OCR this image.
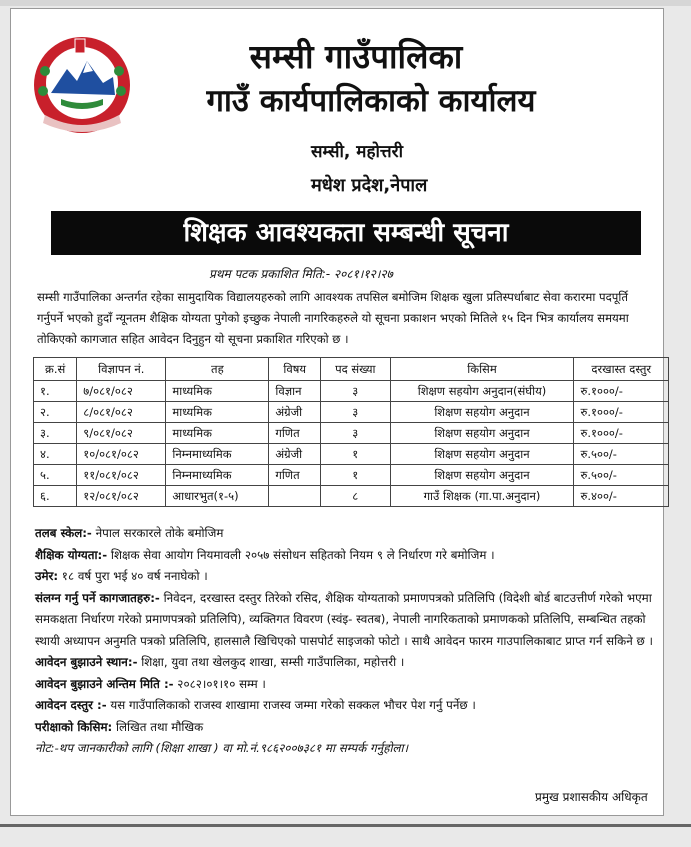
सम्सी गाउँपालिका
गाउँ कार्यपालिकाको कार्यालय
सम्सी, महोत्तरी
मधेश प्रदेश,नेपाल
शिक्षक आवश्यकता सम्बन्धी सूचना
प्रथम पटक प्रकाशित मिति:- २०८१।१२।२७
सम्सी गाउँपालिका अन्तर्गत रहेका सामुदायिक विद्यालयहरुको लागि आवश्यक तपसिल बमोजिम शिक्षक खुला प्रतिस्पर्धाबाट सेवा करारमा पदपूर्ति गर्नुपर्ने भएको हुदाँ न्यूनतम शैक्षिक योग्यता पुगेको इच्छुक नेपाली नागरिकहरुले यो सूचना प्रकाशन भएको मितिले १५ दिन भित्र कार्यालय समयमा तोकिएको कागजात सहित आवेदन दिनुहुन यो सूचना प्रकाशित गरिएको छ ।
क्र.सं	विज्ञापन नं.	तह	विषय	पद संख्या	किसिम	दरखास्त दस्तुर
१.	७/०८१/०८२	माध्यमिक	विज्ञान	३	शिक्षण सहयोग अनुदान(संघीय)	रु.१०००/-
२.	८/०८१/०८२	माध्यमिक	अंग्रेजी	३	शिक्षण सहयोग अनुदान	रु.१०००/-
३.	९/०८१/०८२	माध्यमिक	गणित	३	शिक्षण सहयोग अनुदान	रु.१०००/-
४.	१०/०८१/०८२	निम्नमाध्यमिक	अंग्रेजी	१	शिक्षण सहयोग अनुदान	रु.५००/-
५.	११/०८१/०८२	निम्नमाध्यमिक	गणित	१	शिक्षण सहयोग अनुदान	रु.५००/-
६.	१२/०८१/०८२	आधारभुत(१-५)		८	गाउँ शिक्षक (गा.पा.अनुदान)	रु.४००/-

तलब स्केल:- नेपाल सरकारले तोके बमोजिम

शैक्षिक योग्यता:- शिक्षक सेवा आयोग नियमावली २०५७ संसोधन सहितको नियम ९ ले निर्धारण गरे बमोजिम ।

उमेर: १८ वर्ष पुरा भई ४० वर्ष ननाघेको ।

संलग्न गर्नु पर्ने कागजातहरु:- निवेदन, दरखास्त दस्तुर तिरेको रसिद, शैक्षिक योग्यताको प्रमाणपत्रको प्रतिलिपि (विदेशी बोर्ड बाटउत्तीर्ण गरेको भएमा समकक्षता निर्धारण गरेको प्रमाणपत्रको प्रतिलिपि), व्यक्तिगत विवरण (स्वंइ- स्वतब), नेपाली नागरिकताको प्रमाणकको प्रतिलिपि, सम्बन्धित तहको स्थायी अध्यापन अनुमति पत्रको प्रतिलिपि, हालसालै खिचिएको पासपोर्ट साइजको फोटो । साथै आवेदन फारम गाउपालिकाबाट प्राप्त गर्न सकिने छ ।

आवेदन बुझाउने स्थान:- शिक्षा, युवा तथा खेलकुद शाखा, सम्सी गाउँपालिका, महोत्तरी ।

आवेदन बुझाउने अन्तिम मिति :- २०८२।०१।१० सम्म ।

आवेदन दस्तुर :- यस गाउँपालिकाको राजस्व शाखामा राजस्व जम्मा गरेको सक्कल भौचर पेश गर्नु पर्नेछ ।

परीक्षाको किसिम: लिखित तथा मौखिक

नोट:-थप जानकारीको लागि (शिक्षा शाखा ) वा मो.नं.९८६२००७३८१ मा सम्पर्क गर्नुहोला।

प्रमुख प्रशासकीय अधिकृत
